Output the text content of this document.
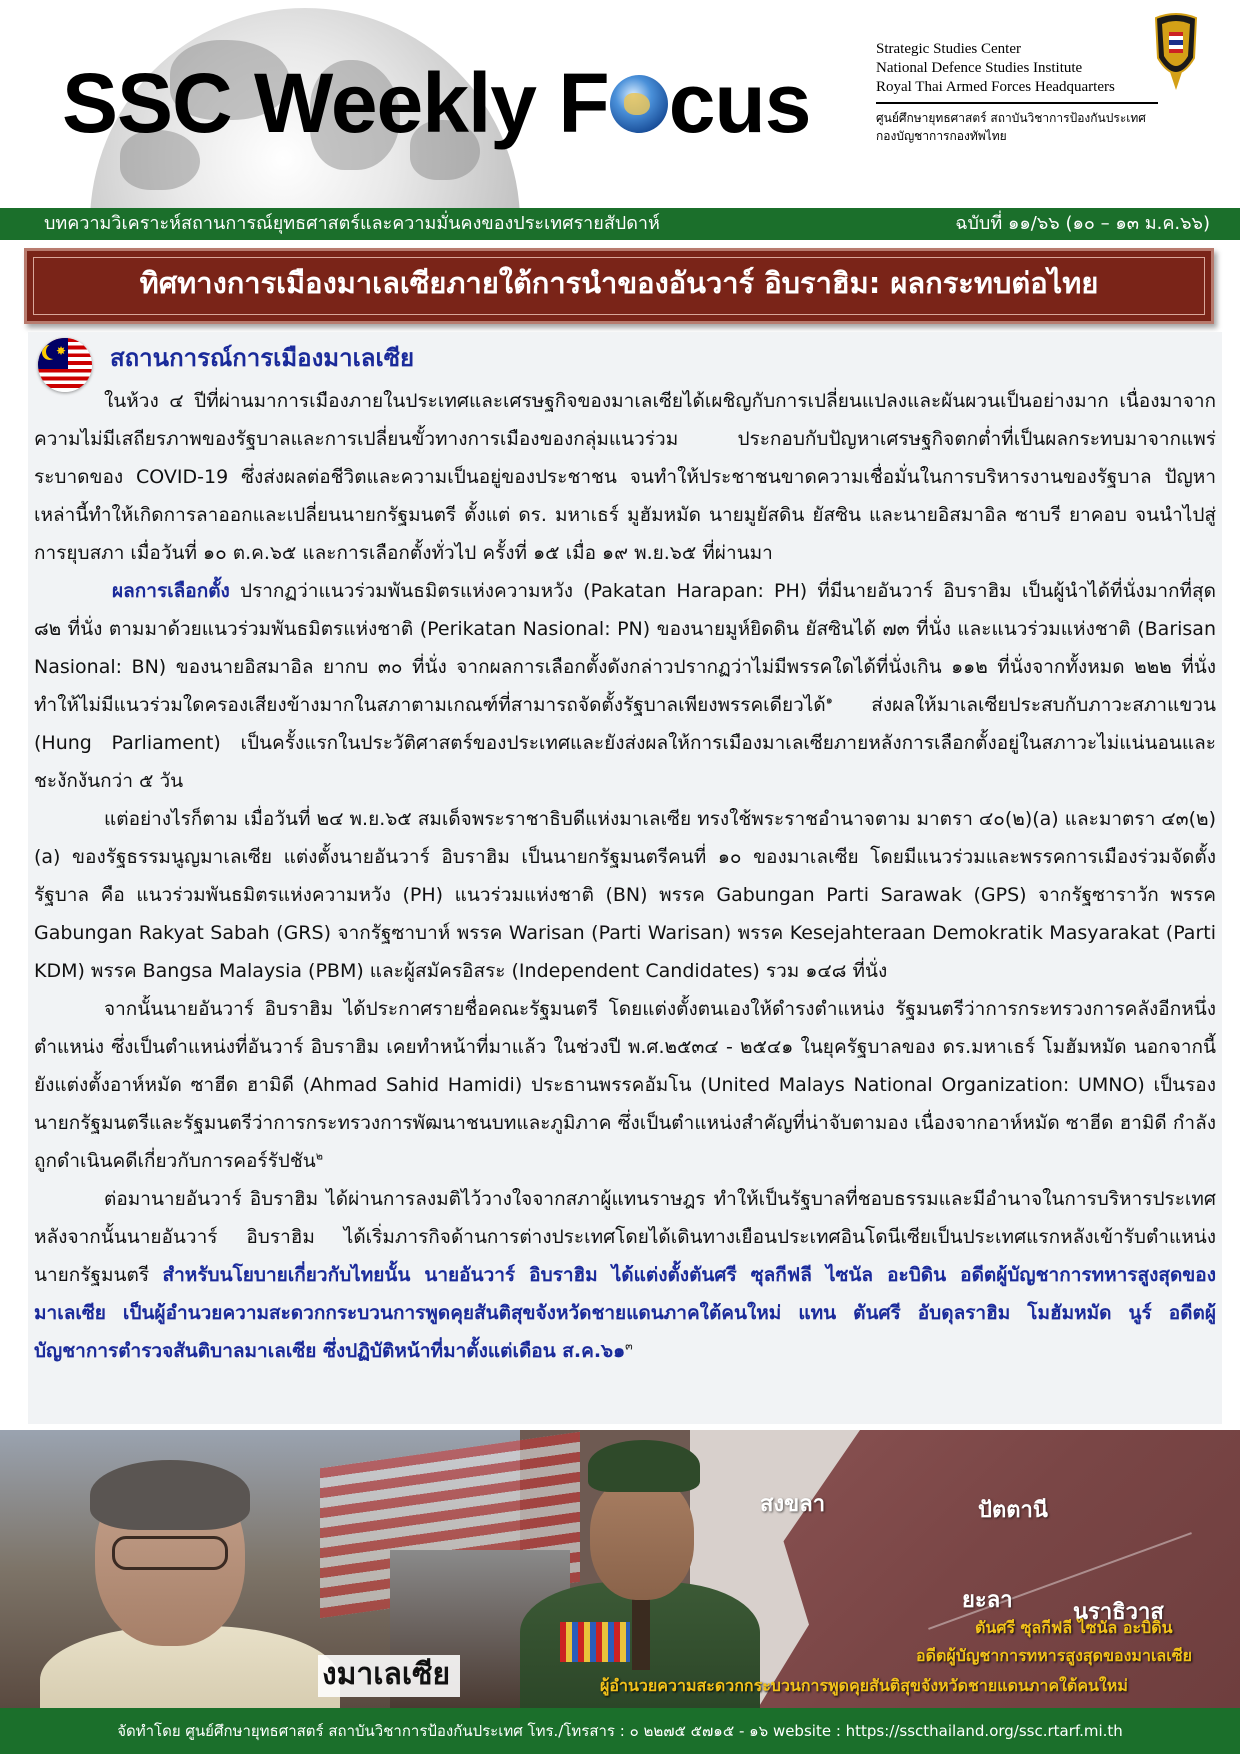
SSC Weekly F cus
Strategic Studies Center
National Defence Studies Institute
Royal Thai Armed Forces Headquarters
ศูนย์ศึกษายุทธศาสตร์ สถาบันวิชาการป้องกันประเทศ
กองบัญชาการกองทัพไทย
บทความวิเคราะห์สถานการณ์ยุทธศาสตร์และความมั่นคงของประเทศรายสัปดาห์	ฉบับที่ ๑๑/๖๖ (๑๐ – ๑๓ ม.ค.๖๖)
ทิศทางการเมืองมาเลเซียภายใต้การนำของอันวาร์ อิบราฮิม: ผลกระทบต่อไทย
✸ สถานการณ์การเมืองมาเลเซีย

ในห้วง ๔ ปีที่ผ่านมาการเมืองภายในประเทศและเศรษฐกิจของมาเลเซียได้เผชิญกับการเปลี่ยนแปลงและผันผวนเป็นอย่างมาก เนื่องมาจากความไม่มีเสถียรภาพของรัฐบาลและการเปลี่ยนขั้วทางการเมืองของกลุ่มแนวร่วม ประกอบกับปัญหาเศรษฐกิจตกต่ำที่เป็นผลกระทบมาจากแพร่ระบาดของ COVID-19 ซึ่งส่งผลต่อชีวิตและความเป็นอยู่ของประชาชน จนทำให้ประชาชนขาดความเชื่อมั่นในการบริหารงานของรัฐบาล ปัญหาเหล่านี้ทำให้เกิดการลาออกและเปลี่ยนนายกรัฐมนตรี ตั้งแต่ ดร. มหาเธร์ มูฮัมหมัด นายมูยัสดิน ยัสซิน และนายอิสมาอิล ซาบรี ยาคอบ จนนำไปสู่การยุบสภา เมื่อวันที่ ๑๐ ต.ค.๖๕ และการเลือกตั้งทั่วไป ครั้งที่ ๑๕ เมื่อ ๑๙ พ.ย.๖๕ ที่ผ่านมา

ผลการเลือกตั้ง ปรากฏว่าแนวร่วมพันธมิตรแห่งความหวัง (Pakatan Harapan: PH) ที่มีนายอันวาร์ อิบราฮิม เป็นผู้นำได้ที่นั่งมากที่สุด ๘๒ ที่นั่ง ตามมาด้วยแนวร่วมพันธมิตรแห่งชาติ (Perikatan Nasional: PN) ของนายมูห์ยิดดิน ยัสซินได้ ๗๓ ที่นั่ง และแนวร่วมแห่งชาติ (Barisan Nasional: BN) ของนายอิสมาอิล ยากบ ๓๐ ที่นั่ง จากผลการเลือกตั้งดังกล่าวปรากฏว่าไม่มีพรรคใดได้ที่นั่งเกิน ๑๑๒ ที่นั่งจากทั้งหมด ๒๒๒ ที่นั่ง ทำให้ไม่มีแนวร่วมใดครองเสียงข้างมากในสภาตามเกณฑ์ที่สามารถจัดตั้งรัฐบาลเพียงพรรคเดียวได้$^๑$ ส่งผลให้มาเลเซียประสบกับภาวะสภาแขวน (Hung Parliament) เป็นครั้งแรกในประวัติศาสตร์ของประเทศและยังส่งผลให้การเมืองมาเลเซียภายหลังการเลือกตั้งอยู่ในสภาวะไม่แน่นอนและชะงักงันกว่า ๕ วัน

แต่อย่างไรก็ตาม เมื่อวันที่ ๒๔ พ.ย.๖๕ สมเด็จพระราชาธิบดีแห่งมาเลเซีย ทรงใช้พระราชอำนาจตาม มาตรา ๔๐(๒)(a) และมาตรา ๔๓(๒)(a) ของรัฐธรรมนูญมาเลเซีย แต่งตั้งนายอันวาร์ อิบราฮิม เป็นนายกรัฐมนตรีคนที่ ๑๐ ของมาเลเซีย โดยมีแนวร่วมและพรรคการเมืองร่วมจัดตั้งรัฐบาล คือ แนวร่วมพันธมิตรแห่งความหวัง (PH) แนวร่วมแห่งชาติ (BN) พรรค Gabungan Parti Sarawak (GPS) จากรัฐซาราวัก พรรค Gabungan Rakyat Sabah (GRS) จากรัฐซาบาห์ พรรค Warisan (Parti Warisan) พรรค Kesejahteraan Demokratik Masyarakat (Parti KDM) พรรค Bangsa Malaysia (PBM) และผู้สมัครอิสระ (Independent Candidates) รวม ๑๔๘ ที่นั่ง

จากนั้นนายอันวาร์ อิบราฮิม ได้ประกาศรายชื่อคณะรัฐมนตรี โดยแต่งตั้งตนเองให้ดำรงตำแหน่ง รัฐมนตรีว่าการกระทรวงการคลังอีกหนึ่งตำแหน่ง ซึ่งเป็นตำแหน่งที่อันวาร์ อิบราฮิม เคยทำหน้าที่มาแล้ว ในช่วงปี พ.ศ.๒๕๓๔ - ๒๕๔๑ ในยุครัฐบาลของ ดร.มหาเธร์ โมฮัมหมัด นอกจากนี้ยังแต่งตั้งอาห์หมัด ซาฮีด ฮามิดี (Ahmad Sahid Hamidi) ประธานพรรคอัมโน (United Malays National Organization: UMNO) เป็นรองนายกรัฐมนตรีและรัฐมนตรีว่าการกระทรวงการพัฒนาชนบทและภูมิภาค ซึ่งเป็นตำแหน่งสำคัญที่น่าจับตามอง เนื่องจากอาห์หมัด ซาฮีด ฮามิดี กำลังถูกดำเนินคดีเกี่ยวกับการคอร์รัปชัน$^๒$

ต่อมานายอันวาร์ อิบราฮิม ได้ผ่านการลงมติไว้วางใจจากสภาผู้แทนราษฎร ทำให้เป็นรัฐบาลที่ชอบธรรมและมีอำนาจในการบริหารประเทศ หลังจากนั้นนายอันวาร์ อิบราฮิม ได้เริ่มภารกิจด้านการต่างประเทศโดยได้เดินทางเยือนประเทศอินโดนีเซียเป็นประเทศแรกหลังเข้ารับตำแหน่งนายกรัฐมนตรี สำหรับนโยบายเกี่ยวกับไทยนั้น นายอันวาร์ อิบราฮิม ได้แต่งตั้งตันศรี ซุลกีฟลี ไซนัล อะบิดิน อดีตผู้บัญชาการทหารสูงสุดของมาเลเซีย เป็นผู้อำนวยความสะดวกกระบวนการพูดคุยสันติสุขจังหวัดชายแดนภาคใต้คนใหม่ แทน ตันศรี อับดุลราฮิม โมฮัมหมัด นูร์ อดีตผู้บัญชาการตำรวจสันติบาลมาเลเซีย ซึ่งปฏิบัติหน้าที่มาตั้งแต่เดือน ส.ค.๖๑$^๓$

สงขลา	ปัตตานี
ยะลา	นราธิวาส
ตันศรี ซุลกีฟลี ไซนัล อะบิดิน
อดีตผู้บัญชาการทหารสูงสุดของมาเลเซีย
ผู้อำนวยความสะดวกกระบวนการพูดคุยสันติสุขจังหวัดชายแดนภาคใต้คนใหม่
งมาเลเซีย
จัดทำโดย ศูนย์ศึกษายุทธศาสตร์ สถาบันวิชาการป้องกันประเทศ โทร./โทรสาร : ๐ ๒๒๗๕ ๕๗๑๕ - ๑๖ website : https://sscthailand.org/ssc.rtarf.mi.th
